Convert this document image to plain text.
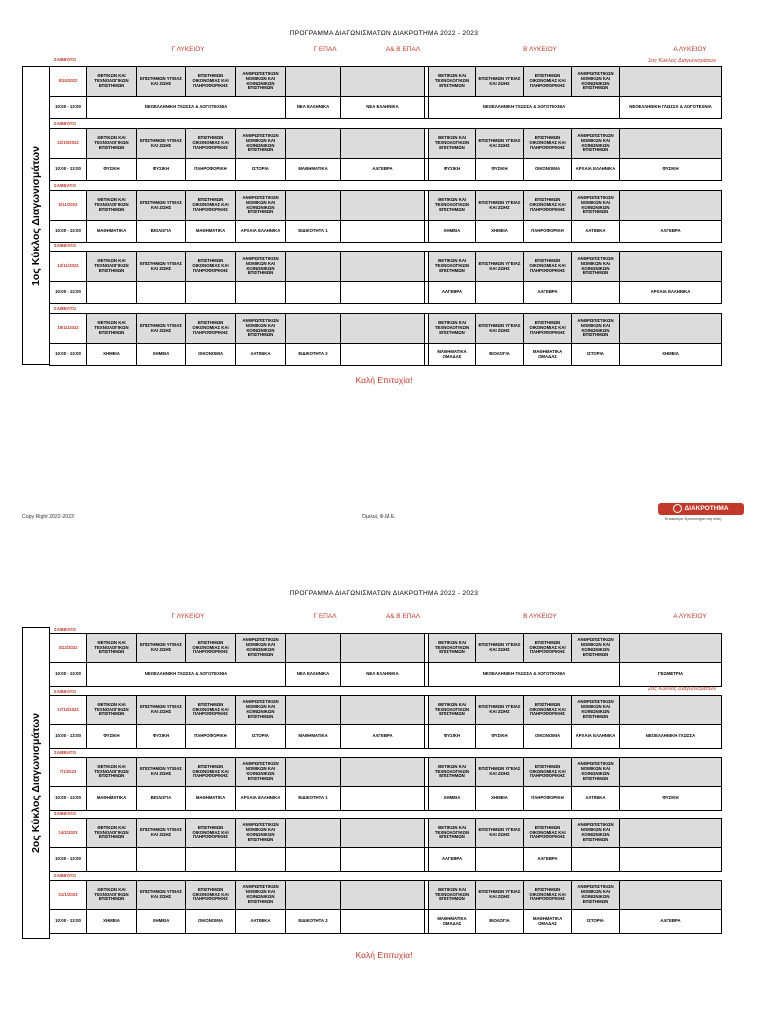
ΠΡΟΓΡΑΜΜΑ ΔΙΑΓΩΝΙΣΜΑΤΩΝ ΔΙΑΚΡΟΤΗΜΑ 2022 - 2023
Γ ΛΥΚΕΙΟΥ	Γ ΕΠΑΛ	Α& Β ΕΠΑΛ	Β ΛΥΚΕΙΟΥ	Α ΛΥΚΕΙΟΥ
1ος Κύκλος Διαγωνισμάτων
1ος Κύκλος Διαγωνισμάτων
ΣΑΒΒΑΤΟ
8/10/2022	ΘΕΤΙΚΩΝ ΚΑΙ ΤΕΧΝΟΛΟΓΙΚΩΝ ΕΠΙΣΤΗΜΩΝ	ΕΠΙΣΤΗΜΩΝ ΥΓΕΙΑΣ ΚΑΙ ΖΩΗΣ	ΕΠΙΣΤΗΜΩΝ ΟΙΚΟΝΟΜΙΑΣ ΚΑΙ ΠΛΗΡΟΦΟΡΙΚΗΣ	ΑΝΘΡΩΠΙΣΤΙΚΩΝ ΝΟΜΙΚΩΝ ΚΑΙ ΚΟΙΝΩΝΙΚΩΝ ΕΠΙΣΤΗΜΩΝ				ΘΕΤΙΚΩΝ ΚΑΙ ΤΕΧΝΟΛΟΓΙΚΩΝ ΕΠΙΣΤΗΜΩΝ	ΕΠΙΣΤΗΜΩΝ ΥΓΕΙΑΣ ΚΑΙ ΖΩΗΣ	ΕΠΙΣΤΗΜΩΝ ΟΙΚΟΝΟΜΙΑΣ ΚΑΙ ΠΛΗΡΟΦΟΡΙΚΗΣ	ΑΝΘΡΩΠΙΣΤΙΚΩΝ ΝΟΜΙΚΩΝ ΚΑΙ ΚΟΙΝΩΝΙΚΩΝ ΕΠΙΣΤΗΜΩΝ	
10:00 - 13:00	ΝΕΟΕΛΛΗΝΙΚΗ ΓΛΩΣΣΑ & ΛΟΓΟΤΕΧΝΙΑ				ΝΕΑ ΕΛΛΗΝΙΚΑ	ΝΕΑ ΕΛΛΗΝΙΚΑ		ΝΕΟΕΛΛΗΝΙΚΗ ΓΛΩΣΣΑ & ΛΟΓΟΤΕΧΝΙΑ				ΝΕΟΕΛΛΗΝΙΚΗ ΓΛΩΣΣΑ & ΛΟΓΟΤΕΧΝΙΑ
ΣΑΒΒΑΤΟ
22/10/2022	ΘΕΤΙΚΩΝ ΚΑΙ ΤΕΧΝΟΛΟΓΙΚΩΝ ΕΠΙΣΤΗΜΩΝ	ΕΠΙΣΤΗΜΩΝ ΥΓΕΙΑΣ ΚΑΙ ΖΩΗΣ	ΕΠΙΣΤΗΜΩΝ ΟΙΚΟΝΟΜΙΑΣ ΚΑΙ ΠΛΗΡΟΦΟΡΙΚΗΣ	ΑΝΘΡΩΠΙΣΤΙΚΩΝ ΝΟΜΙΚΩΝ ΚΑΙ ΚΟΙΝΩΝΙΚΩΝ ΕΠΙΣΤΗΜΩΝ				ΘΕΤΙΚΩΝ ΚΑΙ ΤΕΧΝΟΛΟΓΙΚΩΝ ΕΠΙΣΤΗΜΩΝ	ΕΠΙΣΤΗΜΩΝ ΥΓΕΙΑΣ ΚΑΙ ΖΩΗΣ	ΕΠΙΣΤΗΜΩΝ ΟΙΚΟΝΟΜΙΑΣ ΚΑΙ ΠΛΗΡΟΦΟΡΙΚΗΣ	ΑΝΘΡΩΠΙΣΤΙΚΩΝ ΝΟΜΙΚΩΝ ΚΑΙ ΚΟΙΝΩΝΙΚΩΝ ΕΠΙΣΤΗΜΩΝ	
10:00 - 13:00	ΦΥΣΙΚΗ	ΦΥΣΙΚΗ	ΠΛΗΡΟΦΟΡΙΚΗ	ΙΣΤΟΡΙΑ	ΜΑΘΗΜΑΤΙΚΑ	ΑΛΓΕΒΡΑ		ΦΥΣΙΚΗ	ΦΥΣΙΚΗ	ΟΙΚΟΝΟΜΙΑ	ΑΡΧΑΙΑ ΕΛΛΗΝΙΚΑ	ΦΥΣΙΚΗ
ΣΑΒΒΑΤΟ
5/11/2022	ΘΕΤΙΚΩΝ ΚΑΙ ΤΕΧΝΟΛΟΓΙΚΩΝ ΕΠΙΣΤΗΜΩΝ	ΕΠΙΣΤΗΜΩΝ ΥΓΕΙΑΣ ΚΑΙ ΖΩΗΣ	ΕΠΙΣΤΗΜΩΝ ΟΙΚΟΝΟΜΙΑΣ ΚΑΙ ΠΛΗΡΟΦΟΡΙΚΗΣ	ΑΝΘΡΩΠΙΣΤΙΚΩΝ ΝΟΜΙΚΩΝ ΚΑΙ ΚΟΙΝΩΝΙΚΩΝ ΕΠΙΣΤΗΜΩΝ				ΘΕΤΙΚΩΝ ΚΑΙ ΤΕΧΝΟΛΟΓΙΚΩΝ ΕΠΙΣΤΗΜΩΝ	ΕΠΙΣΤΗΜΩΝ ΥΓΕΙΑΣ ΚΑΙ ΖΩΗΣ	ΕΠΙΣΤΗΜΩΝ ΟΙΚΟΝΟΜΙΑΣ ΚΑΙ ΠΛΗΡΟΦΟΡΙΚΗΣ	ΑΝΘΡΩΠΙΣΤΙΚΩΝ ΝΟΜΙΚΩΝ ΚΑΙ ΚΟΙΝΩΝΙΚΩΝ ΕΠΙΣΤΗΜΩΝ	
10:00 - 13:00	ΜΑΘΗΜΑΤΙΚΑ	ΒΙΟΛΟΓΙΑ	ΜΑΘΗΜΑΤΙΚΑ	ΑΡΧΑΙΑ ΕΛΛΗΝΙΚΑ	ΕΙΔΙΚΟΤΗΤΑ 1			ΧΗΜΕΙΑ	ΧΗΜΕΙΑ	ΠΛΗΡΟΦΟΡΙΚΗ	ΛΑΤΙΝΙΚΑ	ΑΛΓΕΒΡΑ
ΣΑΒΒΑΤΟ
12/11/2022	ΘΕΤΙΚΩΝ ΚΑΙ ΤΕΧΝΟΛΟΓΙΚΩΝ ΕΠΙΣΤΗΜΩΝ	ΕΠΙΣΤΗΜΩΝ ΥΓΕΙΑΣ ΚΑΙ ΖΩΗΣ	ΕΠΙΣΤΗΜΩΝ ΟΙΚΟΝΟΜΙΑΣ ΚΑΙ ΠΛΗΡΟΦΟΡΙΚΗΣ	ΑΝΘΡΩΠΙΣΤΙΚΩΝ ΝΟΜΙΚΩΝ ΚΑΙ ΚΟΙΝΩΝΙΚΩΝ ΕΠΙΣΤΗΜΩΝ				ΘΕΤΙΚΩΝ ΚΑΙ ΤΕΧΝΟΛΟΓΙΚΩΝ ΕΠΙΣΤΗΜΩΝ	ΕΠΙΣΤΗΜΩΝ ΥΓΕΙΑΣ ΚΑΙ ΖΩΗΣ	ΕΠΙΣΤΗΜΩΝ ΟΙΚΟΝΟΜΙΑΣ ΚΑΙ ΠΛΗΡΟΦΟΡΙΚΗΣ	ΑΝΘΡΩΠΙΣΤΙΚΩΝ ΝΟΜΙΚΩΝ ΚΑΙ ΚΟΙΝΩΝΙΚΩΝ ΕΠΙΣΤΗΜΩΝ	
10:00 - 13:00								ΑΛΓΕΒΡΑ		ΑΛΓΕΒΡΑ		ΑΡΧΑΙΑ ΕΛΛΗΝΙΚΑ
ΣΑΒΒΑΤΟ
19/11/2022	ΘΕΤΙΚΩΝ ΚΑΙ ΤΕΧΝΟΛΟΓΙΚΩΝ ΕΠΙΣΤΗΜΩΝ	ΕΠΙΣΤΗΜΩΝ ΥΓΕΙΑΣ ΚΑΙ ΖΩΗΣ	ΕΠΙΣΤΗΜΩΝ ΟΙΚΟΝΟΜΙΑΣ ΚΑΙ ΠΛΗΡΟΦΟΡΙΚΗΣ	ΑΝΘΡΩΠΙΣΤΙΚΩΝ ΝΟΜΙΚΩΝ ΚΑΙ ΚΟΙΝΩΝΙΚΩΝ ΕΠΙΣΤΗΜΩΝ				ΘΕΤΙΚΩΝ ΚΑΙ ΤΕΧΝΟΛΟΓΙΚΩΝ ΕΠΙΣΤΗΜΩΝ	ΕΠΙΣΤΗΜΩΝ ΥΓΕΙΑΣ ΚΑΙ ΖΩΗΣ	ΕΠΙΣΤΗΜΩΝ ΟΙΚΟΝΟΜΙΑΣ ΚΑΙ ΠΛΗΡΟΦΟΡΙΚΗΣ	ΑΝΘΡΩΠΙΣΤΙΚΩΝ ΝΟΜΙΚΩΝ ΚΑΙ ΚΟΙΝΩΝΙΚΩΝ ΕΠΙΣΤΗΜΩΝ	
10:00 - 13:00	ΧΗΜΕΙΑ	ΧΗΜΕΙΑ	ΟΙΚΟΝΟΜΙΑ	ΛΑΤΙΝΙΚΑ	ΕΙΔΙΚΟΤΗΤΑ 2			ΜΑΘΗΜΑΤΙΚΑ ΟΜΑΔΑΣ	ΒΙΟΛΟΓΙΑ	ΜΑΘΗΜΑΤΙΚΑ ΟΜΑΔΑΣ	ΙΣΤΟΡΙΑ	ΧΗΜΕΙΑ
Καλή Επιτυχία!
Copy Right 2022-2023	Όμιλος Φ.Μ.Ε.
ΔΙΑΚΡΟΤΗΜΑ
Το καλύτερο Φροντιστήριο στη πόλη
ΠΡΟΓΡΑΜΜΑ ΔΙΑΓΩΝΙΣΜΑΤΩΝ ΔΙΑΚΡΟΤΗΜΑ 2022 - 2023
Γ ΛΥΚΕΙΟΥ	Γ ΕΠΑΛ	Α& Β ΕΠΑΛ	Β ΛΥΚΕΙΟΥ	Α ΛΥΚΕΙΟΥ
2ος Κύκλος Διαγωνισμάτων
2ος Κύκλος Διαγωνισμάτων
ΣΑΒΒΑΤΟ
3/12/2022	ΘΕΤΙΚΩΝ ΚΑΙ ΤΕΧΝΟΛΟΓΙΚΩΝ ΕΠΙΣΤΗΜΩΝ	ΕΠΙΣΤΗΜΩΝ ΥΓΕΙΑΣ ΚΑΙ ΖΩΗΣ	ΕΠΙΣΤΗΜΩΝ ΟΙΚΟΝΟΜΙΑΣ ΚΑΙ ΠΛΗΡΟΦΟΡΙΚΗΣ	ΑΝΘΡΩΠΙΣΤΙΚΩΝ ΝΟΜΙΚΩΝ ΚΑΙ ΚΟΙΝΩΝΙΚΩΝ ΕΠΙΣΤΗΜΩΝ				ΘΕΤΙΚΩΝ ΚΑΙ ΤΕΧΝΟΛΟΓΙΚΩΝ ΕΠΙΣΤΗΜΩΝ	ΕΠΙΣΤΗΜΩΝ ΥΓΕΙΑΣ ΚΑΙ ΖΩΗΣ	ΕΠΙΣΤΗΜΩΝ ΟΙΚΟΝΟΜΙΑΣ ΚΑΙ ΠΛΗΡΟΦΟΡΙΚΗΣ	ΑΝΘΡΩΠΙΣΤΙΚΩΝ ΝΟΜΙΚΩΝ ΚΑΙ ΚΟΙΝΩΝΙΚΩΝ ΕΠΙΣΤΗΜΩΝ	
10:00 - 13:00	ΝΕΟΕΛΛΗΝΙΚΗ ΓΛΩΣΣΑ & ΛΟΓΟΤΕΧΝΙΑ				ΝΕΑ ΕΛΛΗΝΙΚΑ	ΝΕΑ ΕΛΛΗΝΙΚΑ		ΝΕΟΕΛΛΗΝΙΚΗ ΓΛΩΣΣΑ & ΛΟΓΟΤΕΧΝΙΑ				ΓΕΩΜΕΤΡΙΑ
ΣΑΒΒΑΤΟ
17/12/2022	ΘΕΤΙΚΩΝ ΚΑΙ ΤΕΧΝΟΛΟΓΙΚΩΝ ΕΠΙΣΤΗΜΩΝ	ΕΠΙΣΤΗΜΩΝ ΥΓΕΙΑΣ ΚΑΙ ΖΩΗΣ	ΕΠΙΣΤΗΜΩΝ ΟΙΚΟΝΟΜΙΑΣ ΚΑΙ ΠΛΗΡΟΦΟΡΙΚΗΣ	ΑΝΘΡΩΠΙΣΤΙΚΩΝ ΝΟΜΙΚΩΝ ΚΑΙ ΚΟΙΝΩΝΙΚΩΝ ΕΠΙΣΤΗΜΩΝ				ΘΕΤΙΚΩΝ ΚΑΙ ΤΕΧΝΟΛΟΓΙΚΩΝ ΕΠΙΣΤΗΜΩΝ	ΕΠΙΣΤΗΜΩΝ ΥΓΕΙΑΣ ΚΑΙ ΖΩΗΣ	ΕΠΙΣΤΗΜΩΝ ΟΙΚΟΝΟΜΙΑΣ ΚΑΙ ΠΛΗΡΟΦΟΡΙΚΗΣ	ΑΝΘΡΩΠΙΣΤΙΚΩΝ ΝΟΜΙΚΩΝ ΚΑΙ ΚΟΙΝΩΝΙΚΩΝ ΕΠΙΣΤΗΜΩΝ	
10:00 - 13:00	ΦΥΣΙΚΗ	ΦΥΣΙΚΗ	ΠΛΗΡΟΦΟΡΙΚΗ	ΙΣΤΟΡΙΑ	ΜΑΘΗΜΑΤΙΚΑ	ΑΛΓΕΒΡΑ		ΦΥΣΙΚΗ	ΦΥΣΙΚΗ	ΟΙΚΟΝΟΜΙΑ	ΑΡΧΑΙΑ ΕΛΛΗΝΙΚΑ	ΝΕΟΕΛΛΗΝΙΚΗ ΓΛΩΣΣΑ
ΣΑΒΒΑΤΟ
7/1/2023	ΘΕΤΙΚΩΝ ΚΑΙ ΤΕΧΝΟΛΟΓΙΚΩΝ ΕΠΙΣΤΗΜΩΝ	ΕΠΙΣΤΗΜΩΝ ΥΓΕΙΑΣ ΚΑΙ ΖΩΗΣ	ΕΠΙΣΤΗΜΩΝ ΟΙΚΟΝΟΜΙΑΣ ΚΑΙ ΠΛΗΡΟΦΟΡΙΚΗΣ	ΑΝΘΡΩΠΙΣΤΙΚΩΝ ΝΟΜΙΚΩΝ ΚΑΙ ΚΟΙΝΩΝΙΚΩΝ ΕΠΙΣΤΗΜΩΝ				ΘΕΤΙΚΩΝ ΚΑΙ ΤΕΧΝΟΛΟΓΙΚΩΝ ΕΠΙΣΤΗΜΩΝ	ΕΠΙΣΤΗΜΩΝ ΥΓΕΙΑΣ ΚΑΙ ΖΩΗΣ	ΕΠΙΣΤΗΜΩΝ ΟΙΚΟΝΟΜΙΑΣ ΚΑΙ ΠΛΗΡΟΦΟΡΙΚΗΣ	ΑΝΘΡΩΠΙΣΤΙΚΩΝ ΝΟΜΙΚΩΝ ΚΑΙ ΚΟΙΝΩΝΙΚΩΝ ΕΠΙΣΤΗΜΩΝ	
10:00 - 13:00	ΜΑΘΗΜΑΤΙΚΑ	ΒΙΟΛΟΓΙΑ	ΜΑΘΗΜΑΤΙΚΑ	ΑΡΧΑΙΑ ΕΛΛΗΝΙΚΑ	ΕΙΔΙΚΟΤΗΤΑ 1			ΧΗΜΕΙΑ	ΧΗΜΕΙΑ	ΠΛΗΡΟΦΟΡΙΚΗ	ΛΑΤΙΝΙΚΑ	ΦΥΣΙΚΗ
ΣΑΒΒΑΤΟ
14/1/2023	ΘΕΤΙΚΩΝ ΚΑΙ ΤΕΧΝΟΛΟΓΙΚΩΝ ΕΠΙΣΤΗΜΩΝ	ΕΠΙΣΤΗΜΩΝ ΥΓΕΙΑΣ ΚΑΙ ΖΩΗΣ	ΕΠΙΣΤΗΜΩΝ ΟΙΚΟΝΟΜΙΑΣ ΚΑΙ ΠΛΗΡΟΦΟΡΙΚΗΣ	ΑΝΘΡΩΠΙΣΤΙΚΩΝ ΝΟΜΙΚΩΝ ΚΑΙ ΚΟΙΝΩΝΙΚΩΝ ΕΠΙΣΤΗΜΩΝ				ΘΕΤΙΚΩΝ ΚΑΙ ΤΕΧΝΟΛΟΓΙΚΩΝ ΕΠΙΣΤΗΜΩΝ	ΕΠΙΣΤΗΜΩΝ ΥΓΕΙΑΣ ΚΑΙ ΖΩΗΣ	ΕΠΙΣΤΗΜΩΝ ΟΙΚΟΝΟΜΙΑΣ ΚΑΙ ΠΛΗΡΟΦΟΡΙΚΗΣ	ΑΝΘΡΩΠΙΣΤΙΚΩΝ ΝΟΜΙΚΩΝ ΚΑΙ ΚΟΙΝΩΝΙΚΩΝ ΕΠΙΣΤΗΜΩΝ	
10:00 - 13:00								ΑΛΓΕΒΡΑ		ΑΛΓΕΒΡΑ		
ΣΑΒΒΑΤΟ
21/1/2023	ΘΕΤΙΚΩΝ ΚΑΙ ΤΕΧΝΟΛΟΓΙΚΩΝ ΕΠΙΣΤΗΜΩΝ	ΕΠΙΣΤΗΜΩΝ ΥΓΕΙΑΣ ΚΑΙ ΖΩΗΣ	ΕΠΙΣΤΗΜΩΝ ΟΙΚΟΝΟΜΙΑΣ ΚΑΙ ΠΛΗΡΟΦΟΡΙΚΗΣ	ΑΝΘΡΩΠΙΣΤΙΚΩΝ ΝΟΜΙΚΩΝ ΚΑΙ ΚΟΙΝΩΝΙΚΩΝ ΕΠΙΣΤΗΜΩΝ				ΘΕΤΙΚΩΝ ΚΑΙ ΤΕΧΝΟΛΟΓΙΚΩΝ ΕΠΙΣΤΗΜΩΝ	ΕΠΙΣΤΗΜΩΝ ΥΓΕΙΑΣ ΚΑΙ ΖΩΗΣ	ΕΠΙΣΤΗΜΩΝ ΟΙΚΟΝΟΜΙΑΣ ΚΑΙ ΠΛΗΡΟΦΟΡΙΚΗΣ	ΑΝΘΡΩΠΙΣΤΙΚΩΝ ΝΟΜΙΚΩΝ ΚΑΙ ΚΟΙΝΩΝΙΚΩΝ ΕΠΙΣΤΗΜΩΝ	
10:00 - 13:00	ΧΗΜΕΙΑ	ΧΗΜΕΙΑ	ΟΙΚΟΝΟΜΙΑ	ΛΑΤΙΝΙΚΑ	ΕΙΔΙΚΟΤΗΤΑ 2			ΜΑΘΗΜΑΤΙΚΑ ΟΜΑΔΑΣ	ΒΙΟΛΟΓΙΑ	ΜΑΘΗΜΑΤΙΚΑ ΟΜΑΔΑΣ	ΙΣΤΟΡΙΑ	ΑΛΓΕΒΡΑ
Καλή Επιτυχία!
